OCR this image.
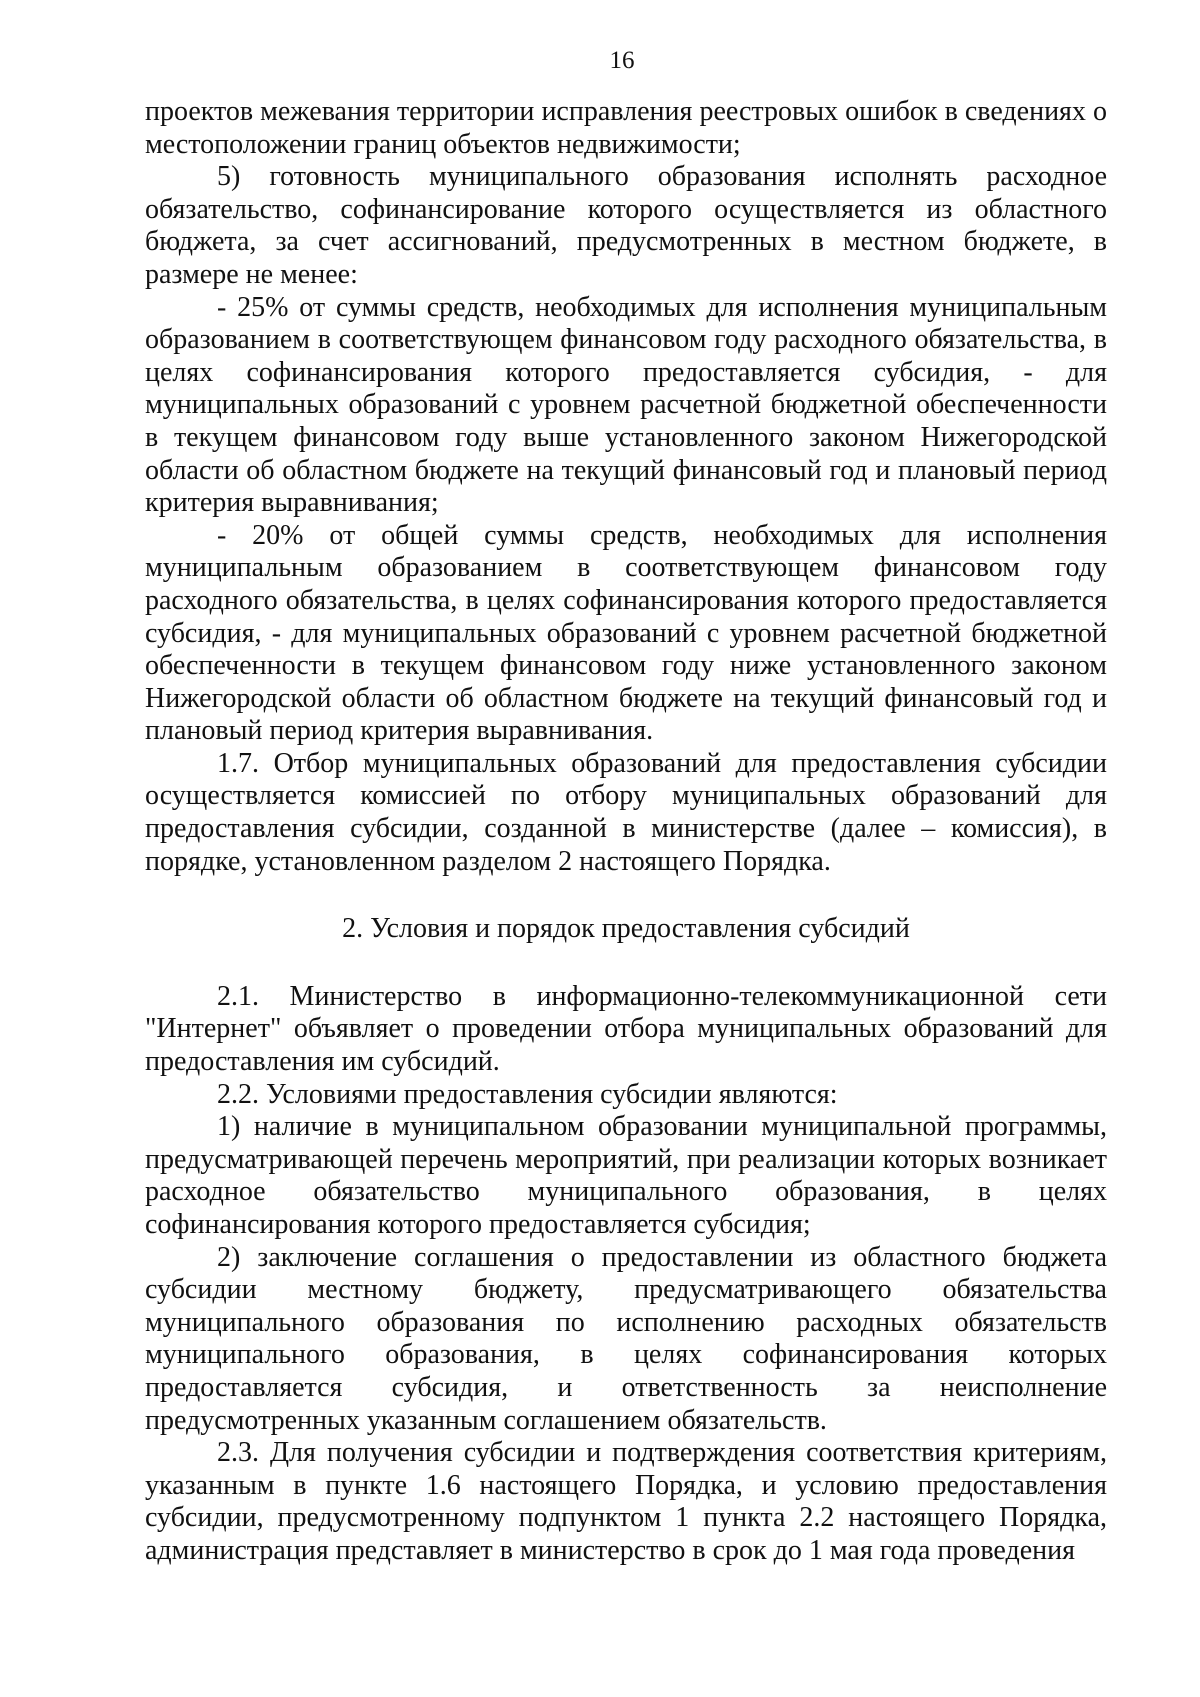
16

проектов межевания территории исправления реестровых ошибок в сведениях о местоположении границ объектов недвижимости;

5) готовность муниципального образования исполнять расходное обязательство, софинансирование которого осуществляется из областного бюджета, за счет ассигнований, предусмотренных в местном бюджете, в размере не менее:

- 25% от суммы средств, необходимых для исполнения муниципальным образованием в соответствующем финансовом году расходного обязательства, в целях софинансирования которого предоставляется субсидия, - для муниципальных образований с уровнем расчетной бюджетной обеспеченности в текущем финансовом году выше установленного законом Нижегородской области об областном бюджете на текущий финансовый год и плановый период критерия выравнивания;

- 20% от общей суммы средств, необходимых для исполнения муниципальным образованием в соответствующем финансовом году расходного обязательства, в целях софинансирования которого предоставляется субсидия, - для муниципальных образований с уровнем расчетной бюджетной обеспеченности в текущем финансовом году ниже установленного законом Нижегородской области об областном бюджете на текущий финансовый год и плановый период критерия выравнивания.

1.7. Отбор муниципальных образований для предоставления субсидии осуществляется комиссией по отбору муниципальных образований для предоставления субсидии, созданной в министерстве (далее – комиссия), в порядке, установленном разделом 2 настоящего Порядка.

2. Условия и порядок предоставления субсидий

2.1. Министерство в информационно-телекоммуникационной сети "Интернет" объявляет о проведении отбора муниципальных образований для предоставления им субсидий.

2.2. Условиями предоставления субсидии являются:

1) наличие в муниципальном образовании муниципальной программы, предусматривающей перечень мероприятий, при реализации которых возникает расходное обязательство муниципального образования, в целях софинансирования которого предоставляется субсидия;

2) заключение соглашения о предоставлении из областного бюджета субсидии местному бюджету, предусматривающего обязательства муниципального образования по исполнению расходных обязательств муниципального образования, в целях софинансирования которых предоставляется субсидия, и ответственность за неисполнение предусмотренных указанным соглашением обязательств.

2.3. Для получения субсидии и подтверждения соответствия критериям, указанным в пункте 1.6 настоящего Порядка, и условию предоставления субсидии, предусмотренному подпунктом 1 пункта 2.2 настоящего Порядка, администрация представляет в министерство в срок до 1 мая года проведения
